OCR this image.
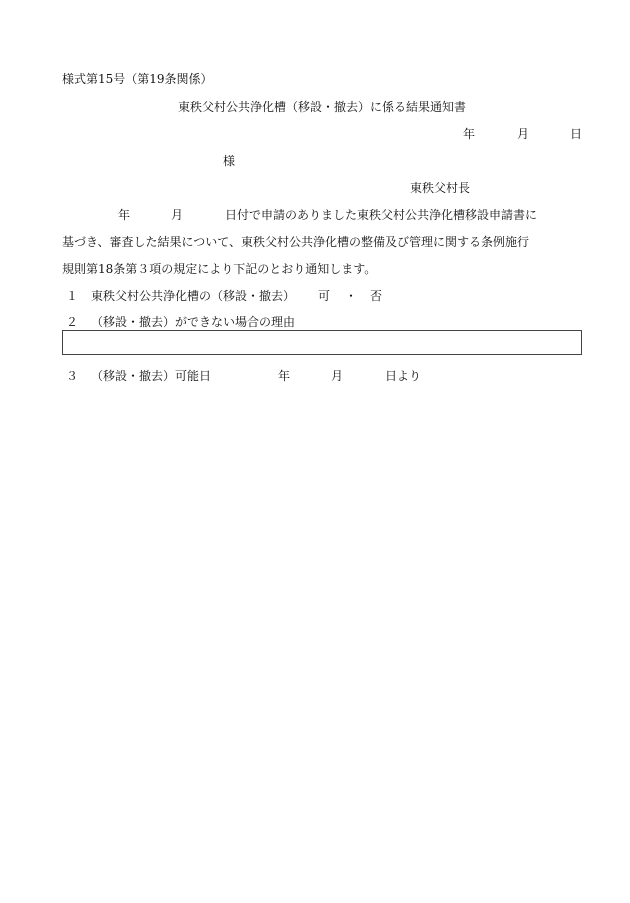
様式第15号（第19条関係）
東秩父村公共浄化槽（移設・撤去）に係る結果通知書
年	月	日
様
東秩父村長
年	月	日付で申請のありました東秩父村公共浄化槽移設申請書に
基づき、審査した結果について、東秩父村公共浄化槽の整備及び管理に関する条例施行
規則第18条第３項の規定により下記のとおり通知します。
１ 東秩父村公共浄化槽の（移設・撤去） 可 ・ 否
２ （移設・撤去）ができない場合の理由
３ （移設・撤去）可能日	年	月	日より
